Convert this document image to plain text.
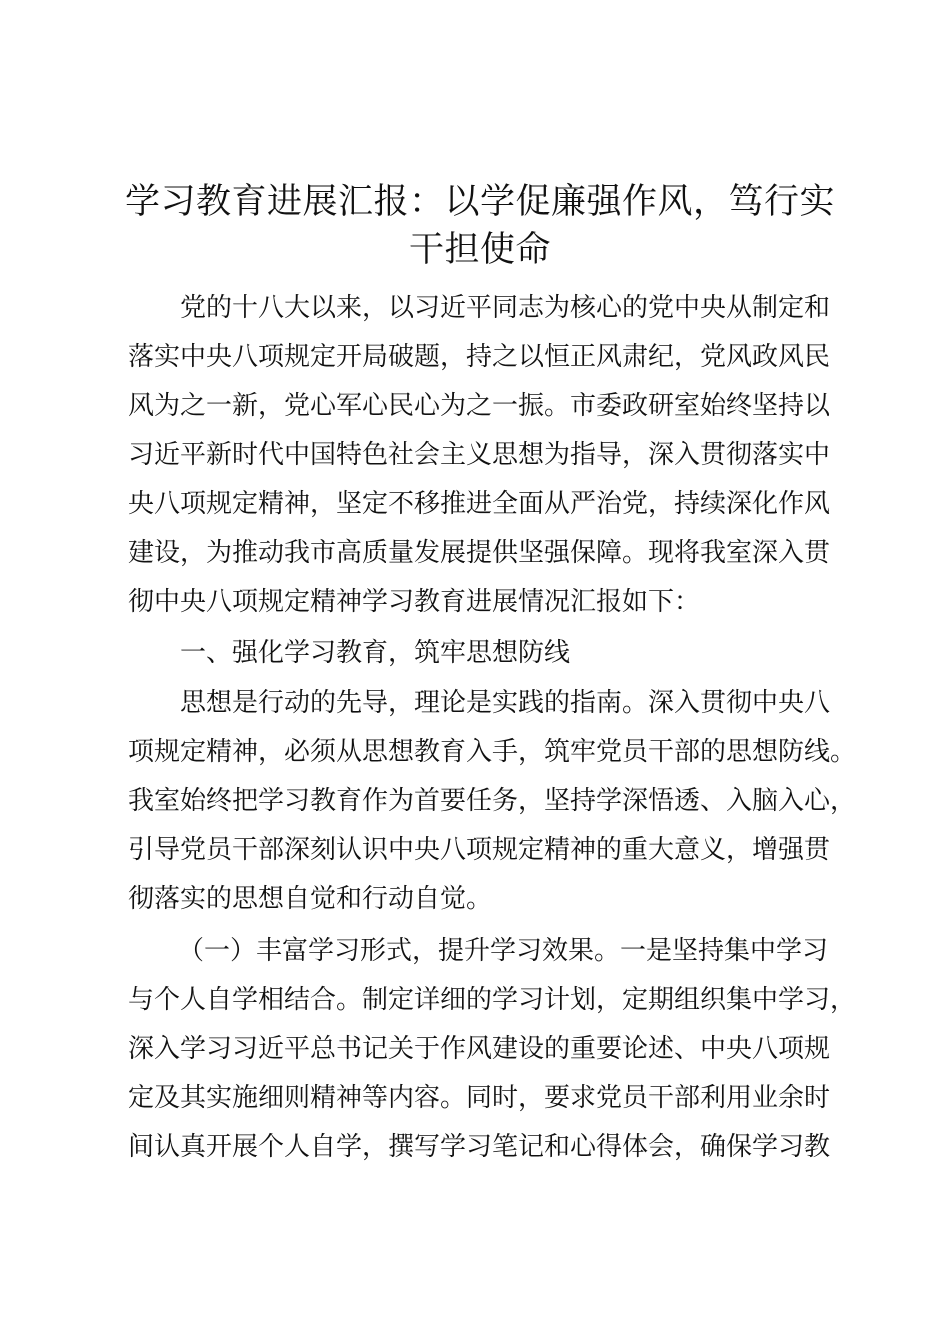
学习教育进展汇报：以学促廉强作风，笃行实
干担使命

党的十八大以来，以习近平同志为核心的党中央从制定和

落实中央八项规定开局破题，持之以恒正风肃纪，党风政风民

风为之一新，党心军心民心为之一振。市委政研室始终坚持以

习近平新时代中国特色社会主义思想为指导，深入贯彻落实中

央八项规定精神，坚定不移推进全面从严治党，持续深化作风

建设，为推动我市高质量发展提供坚强保障。现将我室深入贯

彻中央八项规定精神学习教育进展情况汇报如下：

一、强化学习教育，筑牢思想防线

思想是行动的先导，理论是实践的指南。深入贯彻中央八

项规定精神，必须从思想教育入手，筑牢党员干部的思想防线。

我室始终把学习教育作为首要任务，坚持学深悟透、入脑入心，

引导党员干部深刻认识中央八项规定精神的重大意义，增强贯

彻落实的思想自觉和行动自觉。

（一）丰富学习形式，提升学习效果。一是坚持集中学习

与个人自学相结合。制定详细的学习计划，定期组织集中学习，

深入学习习近平总书记关于作风建设的重要论述、中央八项规

定及其实施细则精神等内容。同时，要求党员干部利用业余时

间认真开展个人自学，撰写学习笔记和心得体会，确保学习教
